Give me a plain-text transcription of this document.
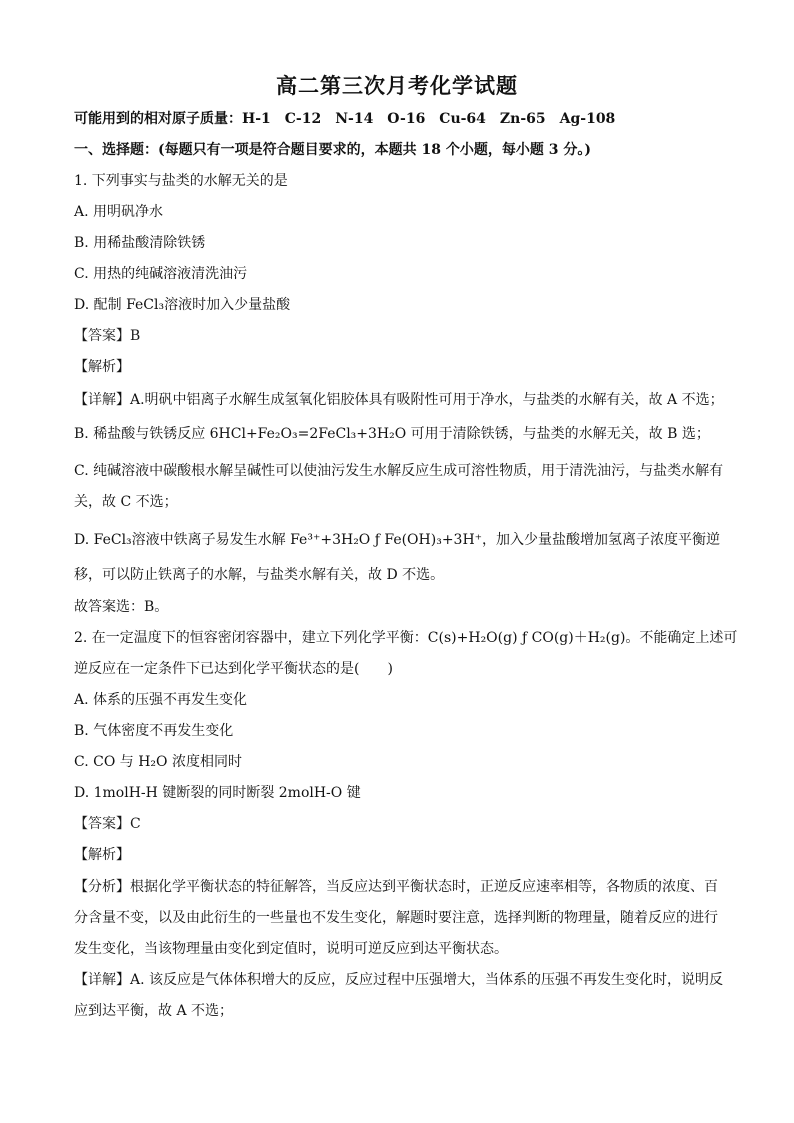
高二第三次月考化学试题
可能用到的相对原子质量：H-1　C-12　N-14　O-16　Cu-64　Zn-65　Ag-108
一、选择题：(每题只有一项是符合题目要求的，本题共 18 个小题，每小题 3 分。)
1. 下列事实与盐类的水解无关的是
A. 用明矾净水
B. 用稀盐酸清除铁锈
C. 用热的纯碱溶液清洗油污
D. 配制 FeCl₃溶液时加入少量盐酸
【答案】B
【解析】
【详解】A.明矾中铝离子水解生成氢氧化铝胶体具有吸附性可用于净水，与盐类的水解有关，故 A 不选；
B. 稀盐酸与铁锈反应 6HCl+Fe₂O₃=2FeCl₃+3H₂O 可用于清除铁锈，与盐类的水解无关，故 B 选；
C. 纯碱溶液中碳酸根水解呈碱性可以使油污发生水解反应生成可溶性物质，用于清洗油污，与盐类水解有
关，故 C 不选；
D. FeCl₃溶液中铁离子易发生水解 Fe³⁺+3H₂O ƒ Fe(OH)₃+3H⁺，加入少量盐酸增加氢离子浓度平衡逆
移，可以防止铁离子的水解，与盐类水解有关，故 D 不选。
故答案选：B。
2. 在一定温度下的恒容密闭容器中，建立下列化学平衡：C(s)+H₂O(g) ƒ CO(g)＋H₂(g)。不能确定上述可
逆反应在一定条件下已达到化学平衡状态的是(　　)
A. 体系的压强不再发生变化
B. 气体密度不再发生变化
C. CO 与 H₂O 浓度相同时
D. 1molH-H 键断裂的同时断裂 2molH-O 键
【答案】C
【解析】
【分析】根据化学平衡状态的特征解答，当反应达到平衡状态时，正逆反应速率相等，各物质的浓度、百
分含量不变，以及由此衍生的一些量也不发生变化，解题时要注意，选择判断的物理量，随着反应的进行
发生变化，当该物理量由变化到定值时，说明可逆反应到达平衡状态。
【详解】A. 该反应是气体体积增大的反应，反应过程中压强增大，当体系的压强不再发生变化时，说明反
应到达平衡，故 A 不选；
